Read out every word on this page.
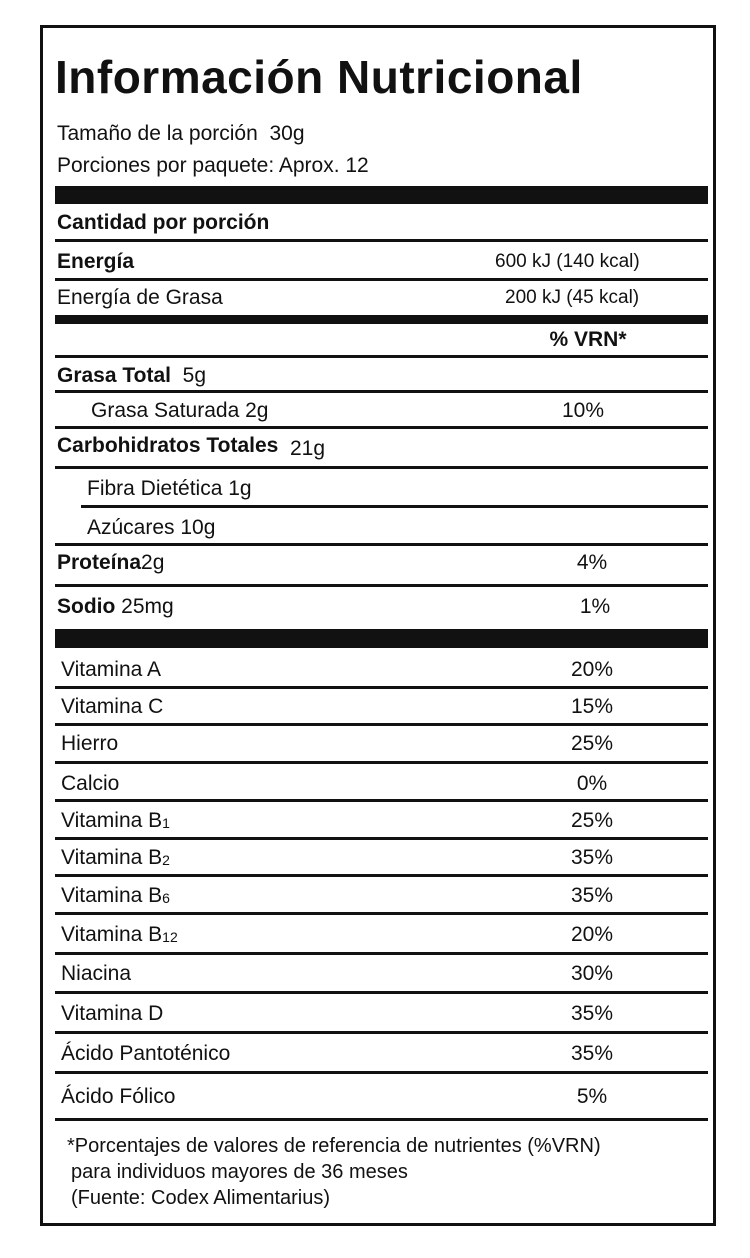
Información Nutricional
Tamaño de la porción 30g
Porciones por paquete: Aprox. 12
Cantidad por porción
Energía	600 kJ (140 kcal)
Energía de Grasa	200 kJ (45 kcal)
% VRN*
Grasa Total 5g
Grasa Saturada 2g	10%
Carbohidratos Totales 21g
Fibra Dietética 1g
Azúcares 10g
Proteína2g	4%
Sodio 25mg	1%
Vitamina A	20%
Vitamina C	15%
Hierro	25%
Calcio	0%
Vitamina B1	25%
Vitamina B2	35%
Vitamina B6	35%
Vitamina B12	20%
Niacina	30%
Vitamina D	35%
Ácido Pantoténico	35%
Ácido Fólico	5%
*Porcentajes de valores de referencia de nutrientes (%VRN)
para individuos mayores de 36 meses
(Fuente: Codex Alimentarius)
